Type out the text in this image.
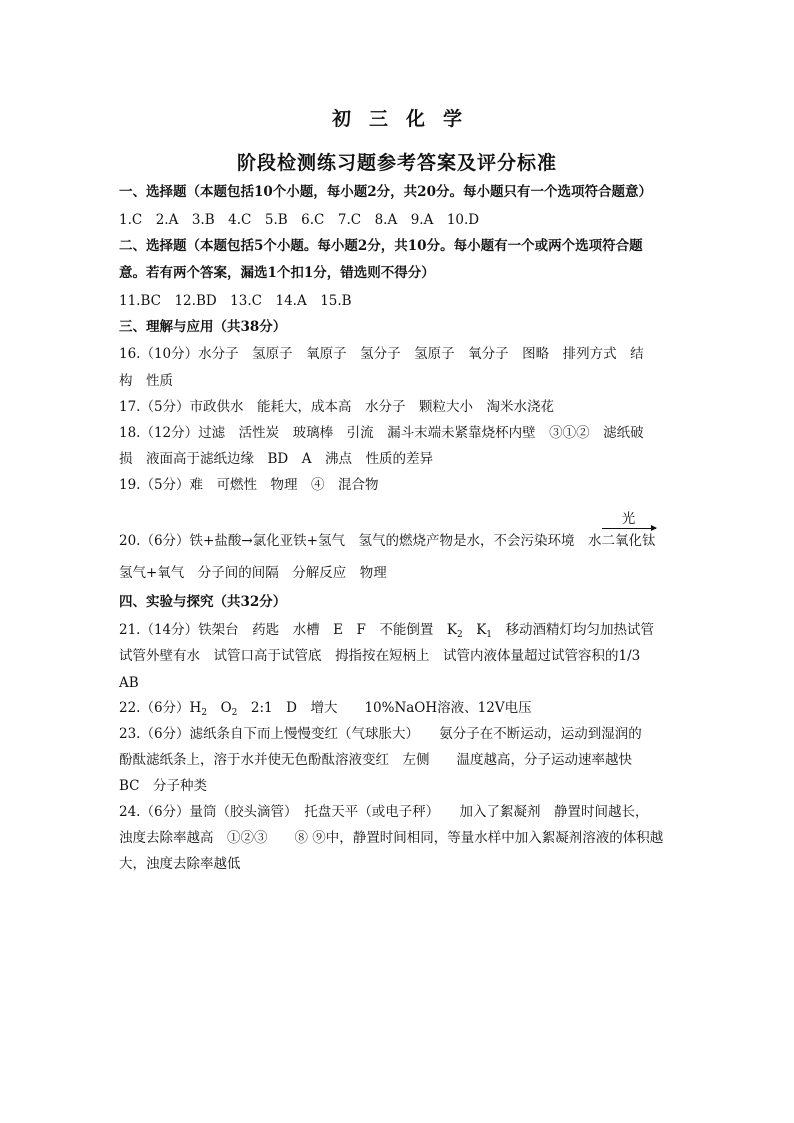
初三化学
阶段检测练习题参考答案及评分标准
一、选择题（本题包括10个小题，每小题2分，共20分。每小题只有一个选项符合题意）
1.C　2.A　3.B　4.C　5.B　6.C　7.C　8.A　9.A　10.D
二、选择题（本题包括5个小题。每小题2分，共10分。每小题有一个或两个选项符合题
意。若有两个答案，漏选1个扣1分，错选则不得分）
11.BC　12.BD　13.C　14.A　15.B
三、理解与应用（共38分）
16.（10分）水分子　氢原子　氧原子　氢分子　氢原子　氧分子　图略　排列方式　结
构　性质
17.（5分）市政供水　能耗大，成本高　水分子　颗粒大小　淘米水浇花
18.（12分）过滤　活性炭　玻璃棒　引流　漏斗末端未紧靠烧杯内壁　③①②　滤纸破
损　液面高于滤纸边缘　BD　A　沸点　性质的差异
19.（5分）难　可燃性　物理　④　混合物
20.（6分）铁+盐酸→氯化亚铁+氢气　氢气的燃烧产物是水，不会污染环境　水
光
二氧化钛
氢气+氧气　分子间的间隔　分解反应　物理
四、实验与探究（共32分）
21.（14分）铁架台　药匙　水槽　E　F　不能倒置　$K_2$　$K_1$　移动酒精灯均匀加热试管
试管外壁有水　试管口高于试管底　拇指按在短柄上　试管内液体量超过试管容积的1/3
AB
22.（6分）$H_2$　$O_2$　2:1　D　增大　　10%NaOH溶液、12V电压
23.（6分）滤纸条自下而上慢慢变红（气球胀大）　　氨分子在不断运动，运动到湿润的
酚酞滤纸条上，溶于水并使无色酚酞溶液变红　左侧　　温度越高，分子运动速率越快
BC　分子种类
24.（6分）量筒（胶头滴管）　托盘天平（或电子秤）　　加入了絮凝剂　静置时间越长，
浊度去除率越高　①②③　　⑧ ⑨中，静置时间相同，等量水样中加入絮凝剂溶液的体积越
大，浊度去除率越低
